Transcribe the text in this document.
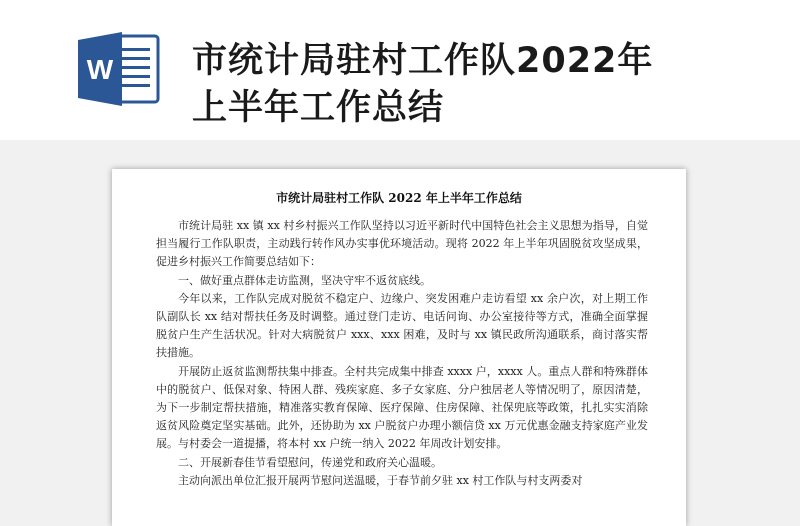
W 市统计局驻村工作队2022年
上半年工作总结
市统计局驻村工作队 2022 年上半年工作总结

市统计局驻 xx 镇 xx 村乡村振兴工作队坚持以习近平新时代中国特色社会主义思想为指导，自觉担当履行工作队职责，主动践行转作风办实事优环境活动。现将 2022 年上半年巩固脱贫攻坚成果，促进乡村振兴工作简要总结如下：

一、做好重点群体走访监测，坚决守牢不返贫底线。

今年以来，工作队完成对脱贫不稳定户、边缘户、突发困难户走访看望 xx 余户次，对上期工作队副队长 xx 结对帮扶任务及时调整。通过登门走访、电话问询、办公室接待等方式，准确全面掌握脱贫户生产生活状况。针对大病脱贫户 xxx、xxx 困难，及时与 xx 镇民政所沟通联系，商讨落实帮扶措施。

开展防止返贫监测帮扶集中排查。全村共完成集中排查 xxxx 户，xxxx 人。重点人群和特殊群体中的脱贫户、低保对象、特困人群、残疾家庭、多子女家庭、分户独居老人等情况明了，原因清楚，为下一步制定帮扶措施，精准落实教育保障、医疗保障、住房保障、社保兜底等政策，扎扎实实消除返贫风险奠定坚实基础。此外，还协助为 xx 户脱贫户办理小额信贷 xx 万元优惠金融支持家庭产业发展。与村委会一道提播，将本村 xx 户统一纳入 2022 年周改计划安排。

二、开展新春佳节看望慰问，传递党和政府关心温暖。

主动向派出单位汇报开展两节慰问送温暖，于春节前夕驻 xx 村工作队与村支两委对
